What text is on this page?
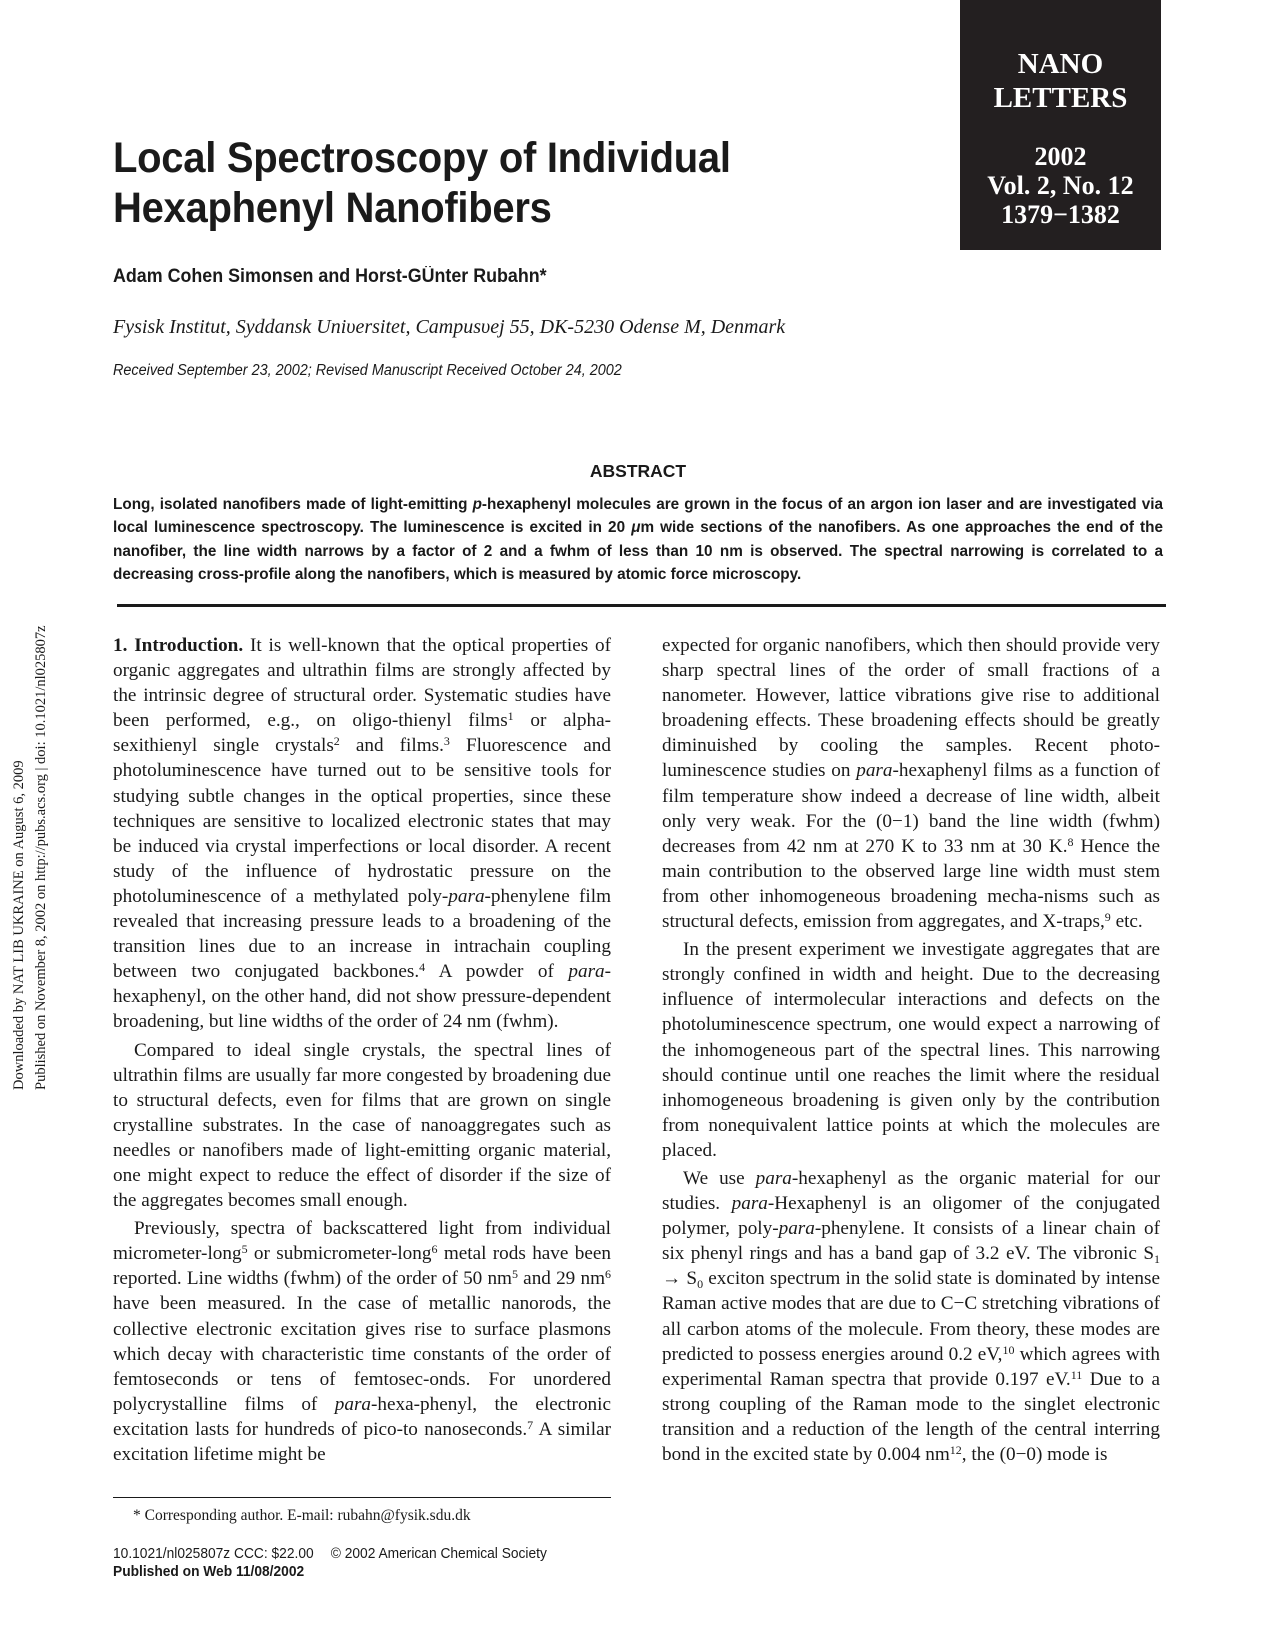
NANO
LETTERS
2002
Vol. 2, No. 12
1379−1382
Local Spectroscopy of Individual
Hexaphenyl Nanofibers
Adam Cohen Simonsen and Horst-GÜnter Rubahn*
Fysisk Institut, Syddansk Uniυersitet, Campusυej 55, DK-5230 Odense M, Denmark
Received September 23, 2002; Revised Manuscript Received October 24, 2002
Downloaded by NAT LIB UKRAINE on August 6, 2009 Published on November 8, 2002 on http://pubs.acs.org | doi: 10.1021/nl025807z
ABSTRACT
Long, isolated nanofibers made of light-emitting p-hexaphenyl molecules are grown in the focus of an argon ion laser and are investigated via local luminescence spectroscopy. The luminescence is excited in 20 μm wide sections of the nanofibers. As one approaches the end of the nanofiber, the line width narrows by a factor of 2 and a fwhm of less than 10 nm is observed. The spectral narrowing is correlated to a decreasing cross-profile along the nanofibers, which is measured by atomic force microscopy.

1. Introduction. It is well-known that the optical properties of organic aggregates and ultrathin films are strongly affected by the intrinsic degree of structural order. Systematic studies have been performed, e.g., on oligo-thienyl films$^1$ or alpha-sexithienyl single crystals$^2$ and films.$^3$ Fluorescence and photoluminescence have turned out to be sensitive tools for studying subtle changes in the optical properties, since these techniques are sensitive to localized electronic states that may be induced via crystal imperfections or local disorder. A recent study of the influence of hydrostatic pressure on the photoluminescence of a methylated poly-para-phenylene film revealed that increasing pressure leads to a broadening of the transition lines due to an increase in intrachain coupling between two conjugated backbones.$^4$ A powder of para-hexaphenyl, on the other hand, did not show pressure-dependent broadening, but line widths of the order of 24 nm (fwhm).

Compared to ideal single crystals, the spectral lines of ultrathin films are usually far more congested by broadening due to structural defects, even for films that are grown on single crystalline substrates. In the case of nanoaggregates such as needles or nanofibers made of light-emitting organic material, one might expect to reduce the effect of disorder if the size of the aggregates becomes small enough.

Previously, spectra of backscattered light from individual micrometer-long$^5$ or submicrometer-long$^6$ metal rods have been reported. Line widths (fwhm) of the order of 50 $nm^5$ and 29 $nm^6$ have been measured. In the case of metallic nanorods, the collective electronic excitation gives rise to surface plasmons which decay with characteristic time constants of the order of femtoseconds or tens of femtosec-onds. For unordered polycrystalline films of para-hexa-phenyl, the electronic excitation lasts for hundreds of pico-to nanoseconds.$^7$ A similar excitation lifetime might be

expected for organic nanofibers, which then should provide very sharp spectral lines of the order of small fractions of a nanometer. However, lattice vibrations give rise to additional broadening effects. These broadening effects should be greatly diminuished by cooling the samples. Recent photo-luminescence studies on para-hexaphenyl films as a function of film temperature show indeed a decrease of line width, albeit only very weak. For the (0−1) band the line width (fwhm) decreases from 42 nm at 270 K to 33 nm at 30 K.$^8$ Hence the main contribution to the observed large line width must stem from other inhomogeneous broadening mecha-nisms such as structural defects, emission from aggregates, and X-traps,$^9$ etc.

In the present experiment we investigate aggregates that are strongly confined in width and height. Due to the decreasing influence of intermolecular interactions and defects on the photoluminescence spectrum, one would expect a narrowing of the inhomogeneous part of the spectral lines. This narrowing should continue until one reaches the limit where the residual inhomogeneous broadening is given only by the contribution from nonequivalent lattice points at which the molecules are placed.

We use para-hexaphenyl as the organic material for our studies. para-Hexaphenyl is an oligomer of the conjugated polymer, poly-para-phenylene. It consists of a linear chain of six phenyl rings and has a band gap of 3.2 eV. The vibronic $S_1 \to S_0$ exciton spectrum in the solid state is dominated by intense Raman active modes that are due to C−C stretching vibrations of all carbon atoms of the molecule. From theory, these modes are predicted to possess energies around 0.2 eV,$^{10}$ which agrees with experimental Raman spectra that provide 0.197 eV.$^{11}$ Due to a strong coupling of the Raman mode to the singlet electronic transition and a reduction of the length of the central interring bond in the excited state by 0.004 $nm^{12}$, the (0−0) mode is

* Corresponding author. E-mail: rubahn@fysik.sdu.dk
10.1021/nl025807z CCC: $22.00 © 2002 American Chemical Society
Published on Web 11/08/2002
